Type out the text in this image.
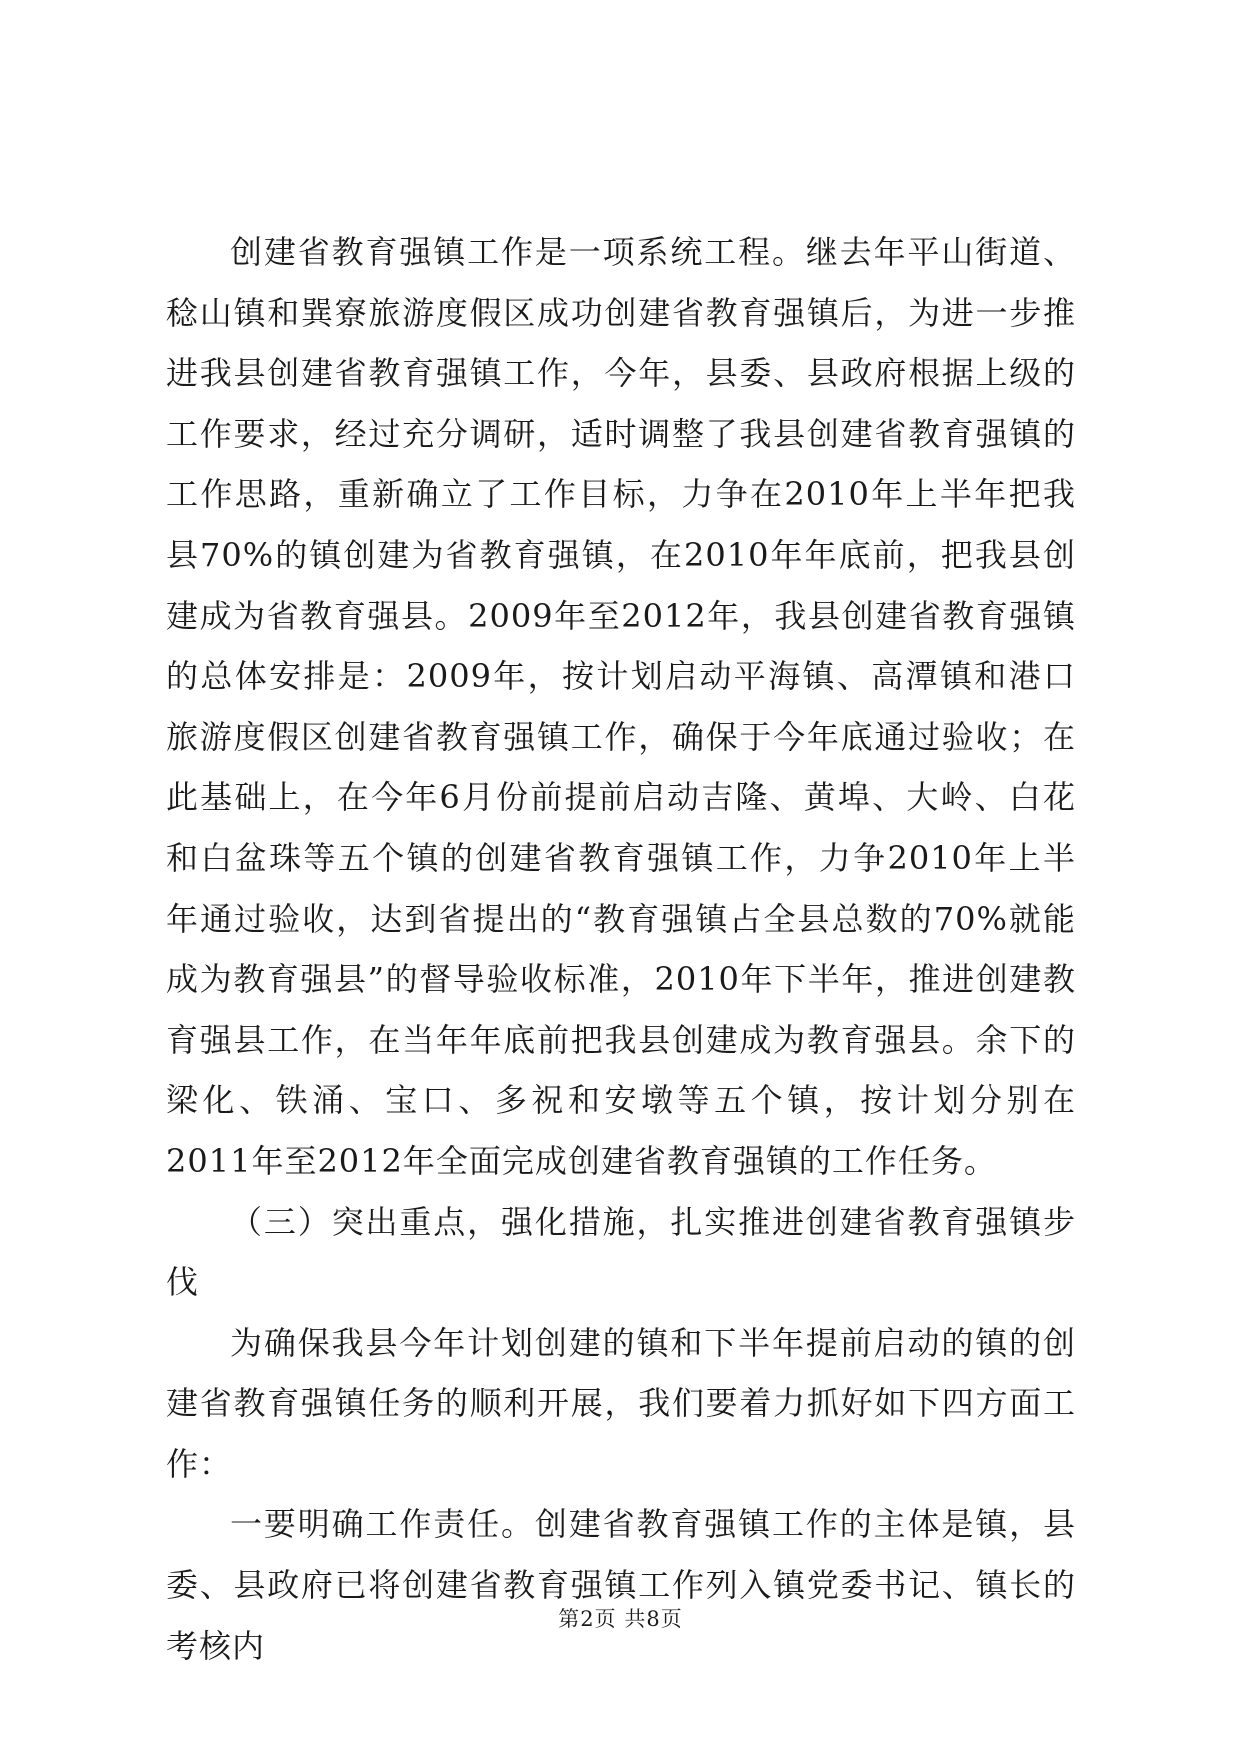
创建省教育强镇工作是一项系统工程。继去年平山街道、稔山镇和巽寮旅游度假区成功创建省教育强镇后，为进一步推进我县创建省教育强镇工作，今年，县委、县政府根据上级的工作要求，经过充分调研，适时调整了我县创建省教育强镇的工作思路，重新确立了工作目标，力争在2010年上半年把我县70%的镇创建为省教育强镇，在2010年年底前，把我县创建成为省教育强县。2009年至2012年，我县创建省教育强镇的总体安排是：2009年，按计划启动平海镇、高潭镇和港口旅游度假区创建省教育强镇工作，确保于今年底通过验收；在此基础上，在今年6月份前提前启动吉隆、黄埠、大岭、白花和白盆珠等五个镇的创建省教育强镇工作，力争2010年上半年通过验收，达到省提出的“教育强镇占全县总数的70%就能成为教育强县”的督导验收标准，2010年下半年，推进创建教育强县工作，在当年年底前把我县创建成为教育强县。余下的梁化、铁涌、宝口、多祝和安墩等五个镇，按计划分别在2011年至2012年全面完成创建省教育强镇的工作任务。

（三）突出重点，强化措施，扎实推进创建省教育强镇步伐

为确保我县今年计划创建的镇和下半年提前启动的镇的创建省教育强镇任务的顺利开展，我们要着力抓好如下四方面工作：

一要明确工作责任。创建省教育强镇工作的主体是镇，县委、县政府已将创建省教育强镇工作列入镇党委书记、镇长的考核内

第2页 共8页
